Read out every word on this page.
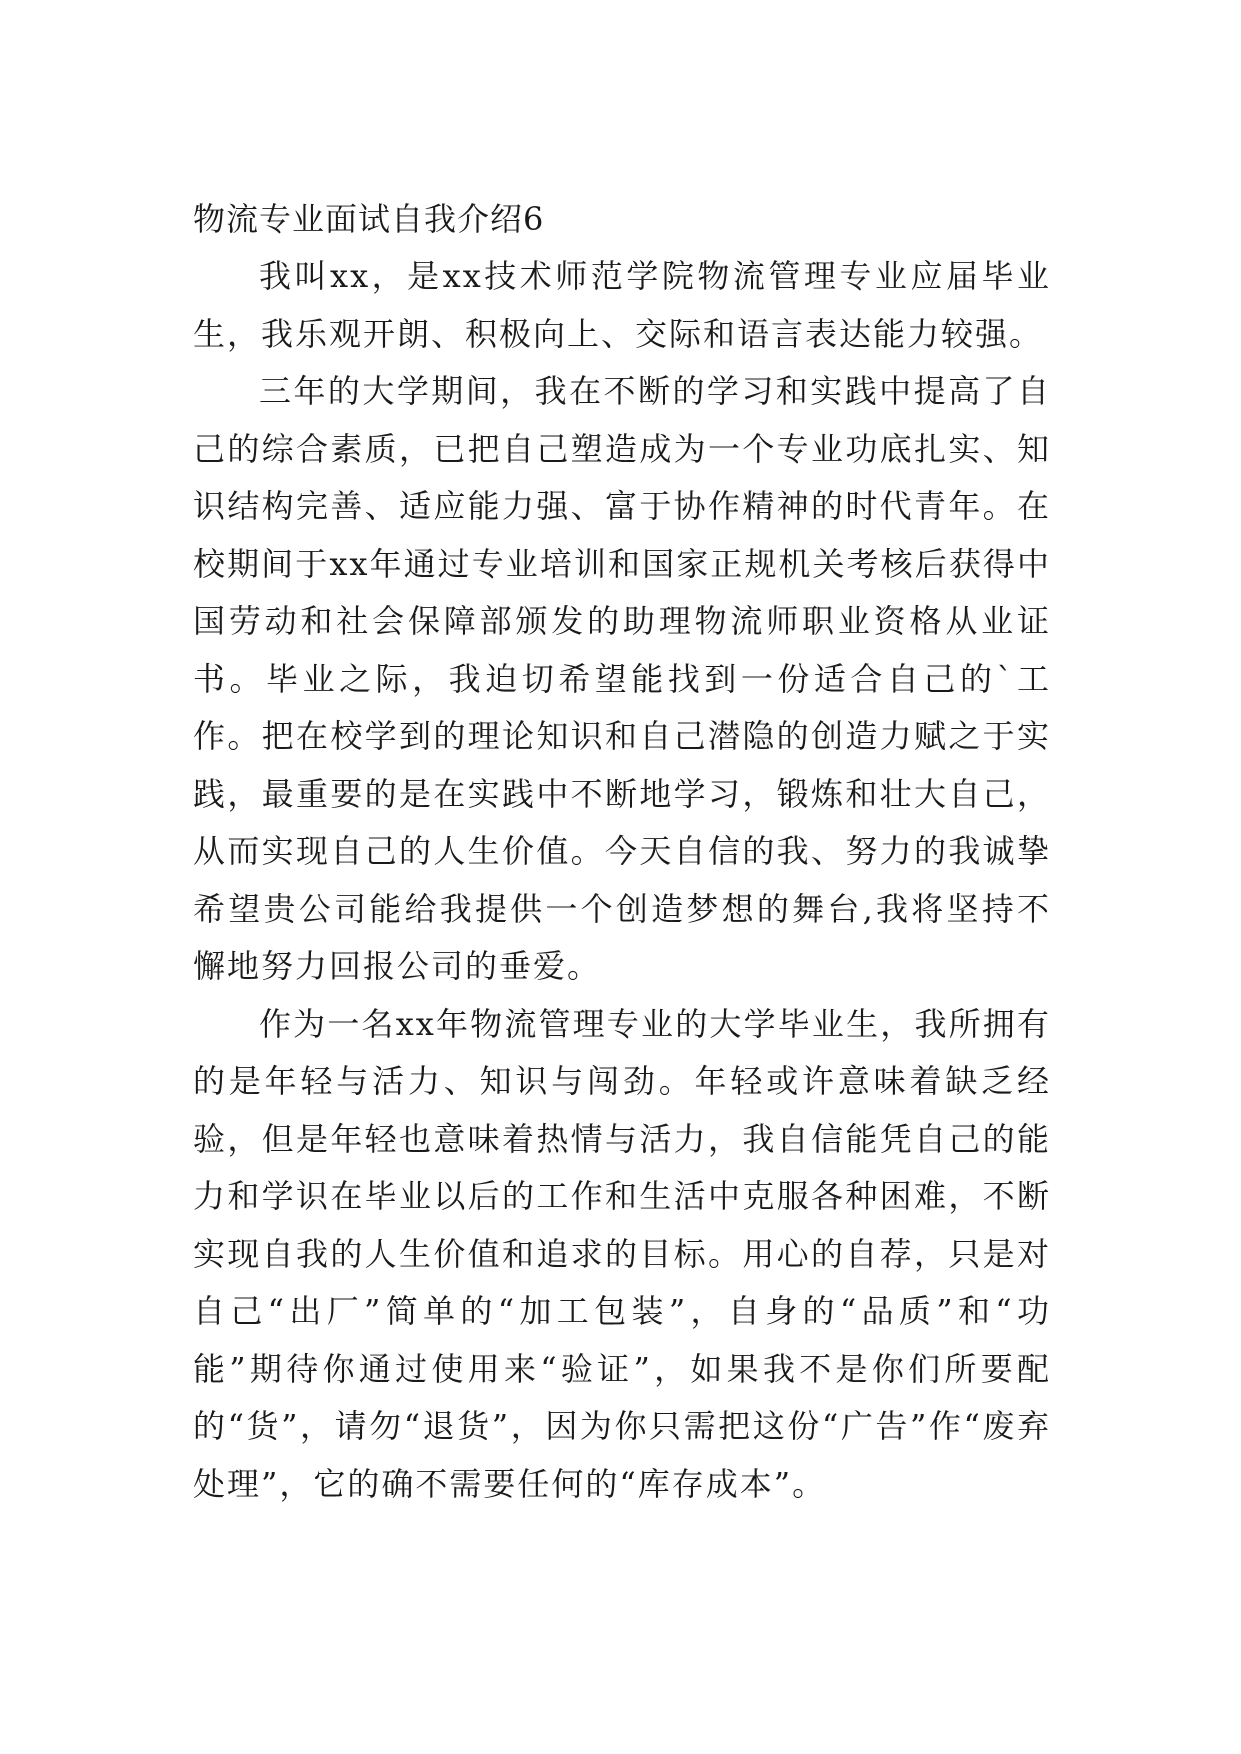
物流专业面试自我介绍6

我叫xx，是xx技术师范学院物流管理专业应届毕业生，我乐观开朗、积极向上、交际和语言表达能力较强。

三年的大学期间，我在不断的学习和实践中提高了自己的综合素质，已把自己塑造成为一个专业功底扎实、知识结构完善、适应能力强、富于协作精神的时代青年。在校期间于xx年通过专业培训和国家正规机关考核后获得中国劳动和社会保障部颁发的助理物流师职业资格从业证书。毕业之际，我迫切希望能找到一份适合自己的`工作。把在校学到的理论知识和自己潜隐的创造力赋之于实践，最重要的是在实践中不断地学习，锻炼和壮大自己，从而实现自己的人生价值。今天自信的我、努力的我诚挚希望贵公司能给我提供一个创造梦想的舞台,我将坚持不懈地努力回报公司的垂爱。

作为一名xx年物流管理专业的大学毕业生，我所拥有的是年轻与活力、知识与闯劲。年轻或许意味着缺乏经验，但是年轻也意味着热情与活力，我自信能凭自己的能力和学识在毕业以后的工作和生活中克服各种困难，不断实现自我的人生价值和追求的目标。用心的自荐，只是对自己“出厂”简单的“加工包装”，自身的“品质”和“功能”期待你通过使用来“验证”，如果我不是你们所要配的“货”，请勿“退货”，因为你只需把这份“广告”作“废弃处理”，它的确不需要任何的“库存成本”。
